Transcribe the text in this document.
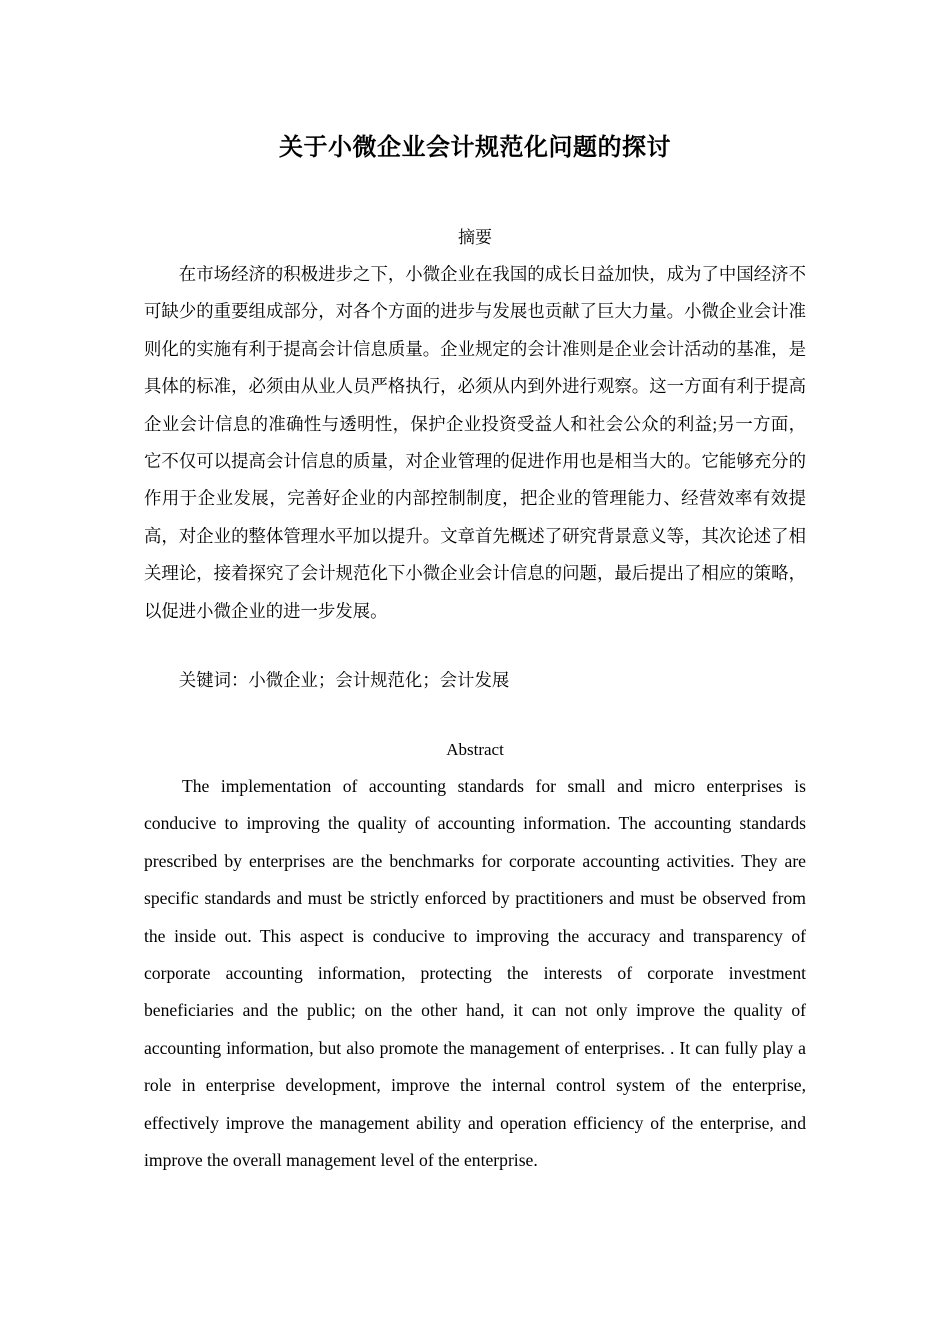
关于小微企业会计规范化问题的探讨
摘要

在市场经济的积极进步之下，小微企业在我国的成长日益加快，成为了中国经济不可缺少的重要组成部分，对各个方面的进步与发展也贡献了巨大力量。小微企业会计准则化的实施有利于提高会计信息质量。企业规定的会计准则是企业会计活动的基准，是具体的标准，必须由从业人员严格执行，必须从内到外进行观察。这一方面有利于提高企业会计信息的准确性与透明性，保护企业投资受益人和社会公众的利益;另一方面，它不仅可以提高会计信息的质量，对企业管理的促进作用也是相当大的。它能够充分的作用于企业发展，完善好企业的内部控制制度，把企业的管理能力、经营效率有效提高，对企业的整体管理水平加以提升。文章首先概述了研究背景意义等，其次论述了相关理论，接着探究了会计规范化下小微企业会计信息的问题，最后提出了相应的策略，以促进小微企业的进一步发展。

关键词：小微企业；会计规范化；会计发展

Abstract

The implementation of accounting standards for small and micro enterprises is conducive to improving the quality of accounting information. The accounting standards prescribed by enterprises are the benchmarks for corporate accounting activities. They are specific standards and must be strictly enforced by practitioners and must be observed from the inside out. This aspect is conducive to improving the accuracy and transparency of corporate accounting information, protecting the interests of corporate investment beneficiaries and the public; on the other hand, it can not only improve the quality of accounting information, but also promote the management of enterprises. . It can fully play a role in enterprise development, improve the internal control system of the enterprise, effectively improve the management ability and operation efficiency of the enterprise, and improve the overall management level of the enterprise.
